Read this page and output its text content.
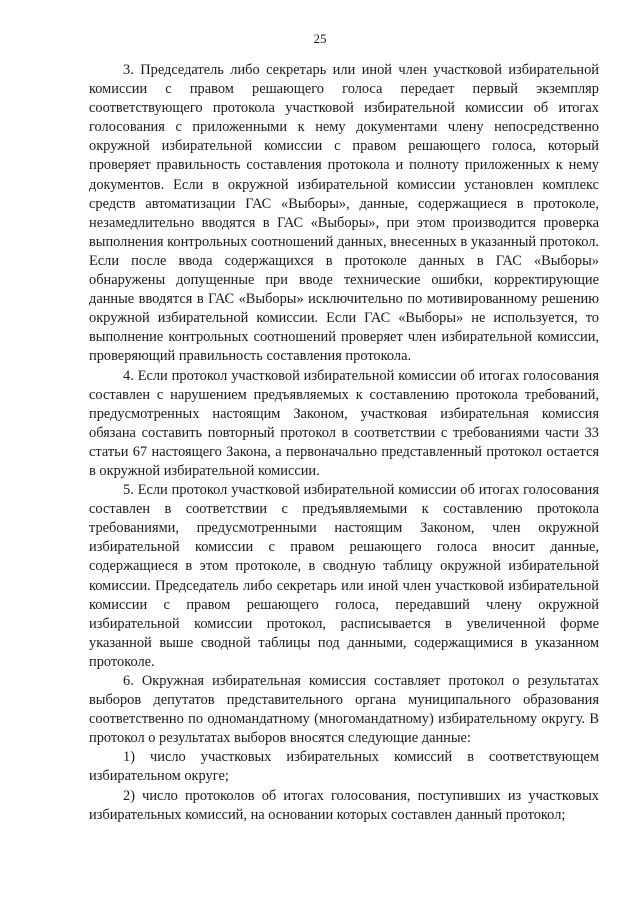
25

3. Председатель либо секретарь или иной член участковой избирательной комиссии с правом решающего голоса передает первый экземпляр соответствующего протокола участковой избирательной комиссии об итогах голосования с приложенными к нему документами члену непосредственно окружной избирательной комиссии с правом решающего голоса, который проверяет правильность составления протокола и полноту приложенных к нему документов. Если в окружной избирательной комиссии установлен комплекс средств автоматизации ГАС «Выборы», данные, содержащиеся в протоколе, незамедлительно вводятся в ГАС «Выборы», при этом производится проверка выполнения контрольных соотношений данных, внесенных в указанный протокол. Если после ввода содержащихся в протоколе данных в ГАС «Выборы» обнаружены допущенные при вводе технические ошибки, корректирующие данные вводятся в ГАС «Выборы» исключительно по мотивированному решению окружной избирательной комиссии. Если ГАС «Выборы» не используется, то выполнение контрольных соотношений проверяет член избирательной комиссии, проверяющий правильность составления протокола.

4. Если протокол участковой избирательной комиссии об итогах голосования составлен с нарушением предъявляемых к составлению протокола требований, предусмотренных настоящим Законом, участковая избирательная комиссия обязана составить повторный протокол в соответствии с требованиями части 33 статьи 67 настоящего Закона, а первоначально представленный протокол остается в окружной избирательной комиссии.

5. Если протокол участковой избирательной комиссии об итогах голосования составлен в соответствии с предъявляемыми к составлению протокола требованиями, предусмотренными настоящим Законом, член окружной избирательной комиссии с правом решающего голоса вносит данные, содержащиеся в этом протоколе, в сводную таблицу окружной избирательной комиссии. Председатель либо секретарь или иной член участковой избирательной комиссии с правом решающего голоса, передавший члену окружной избирательной комиссии протокол, расписывается в увеличенной форме указанной выше сводной таблицы под данными, содержащимися в указанном протоколе.

6. Окружная избирательная комиссия составляет протокол о результатах выборов депутатов представительного органа муниципального образования соответственно по одномандатному (многомандатному) избирательному округу. В протокол о результатах выборов вносятся следующие данные:

1) число участковых избирательных комиссий в соответствующем избирательном округе;

2) число протоколов об итогах голосования, поступивших из участковых избирательных комиссий, на основании которых составлен данный протокол;
